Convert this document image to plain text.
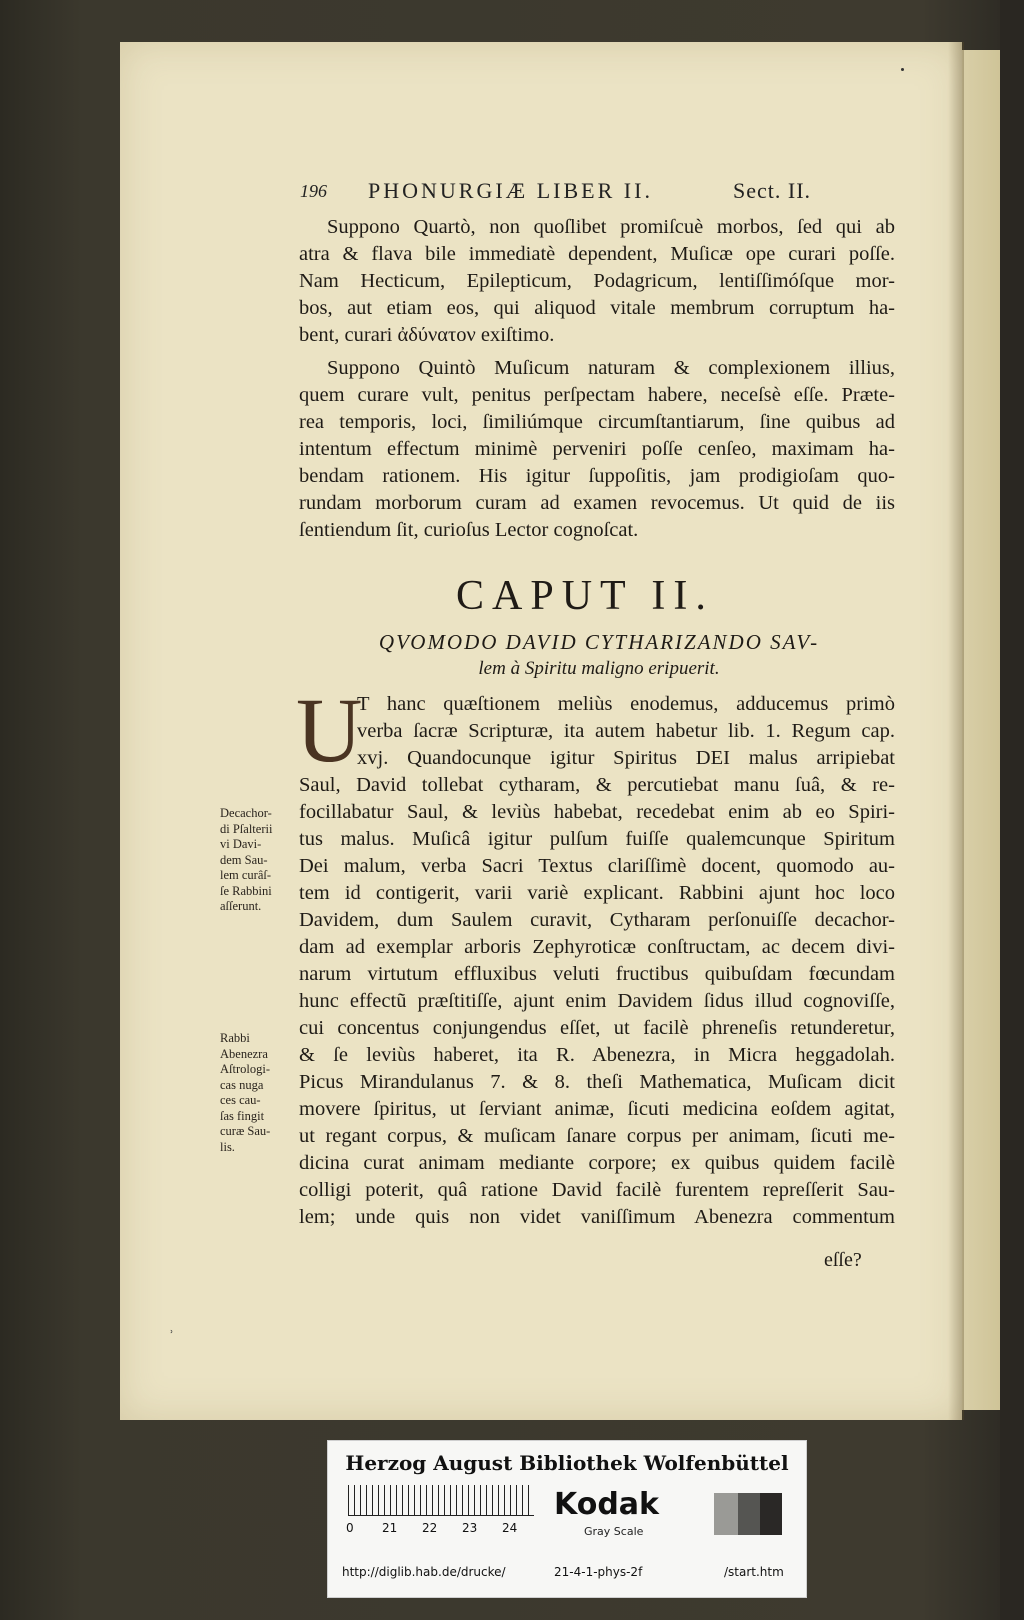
˒
196 PHONURGIÆ LIBER II.	Sect. II.
Suppono Quartò, non quoſlibet promiſcuè morbos, ſed qui ab
atra & flava bile immediatè dependent, Muſicæ ope curari poſſe.
Nam Hecticum, Epilepticum, Podagricum, lentiſſimóſque mor-
bos, aut etiam eos, qui aliquod vitale membrum corruptum ha-
bent, curari ἀδύνατον exiſtimo.
Suppono Quintò Muſicum naturam & complexionem illius,
quem curare vult, penitus perſpectam habere, neceſsè eſſe. Præte-
rea temporis, loci, ſimiliúmque circumſtantiarum, ſine quibus ad
intentum effectum minimè perveniri poſſe cenſeo, maximam ha-
bendam rationem. His igitur ſuppoſitis, jam prodigioſam quo-
rundam morborum curam ad examen revocemus. Ut quid de iis
ſentiendum ſit, curioſus Lector cognoſcat.
CAPUT II.
QVOMODO DAVID CYTHARIZANDO SAV-
lem à Spiritu maligno eripuerit.
U
T hanc quæſtionem meliùs enodemus, adducemus primò
verba ſacræ Scripturæ, ita autem habetur lib. 1. Regum cap.
xvj. Quandocunque igitur Spiritus DEI malus arripiebat
Saul, David tollebat cytharam, & percutiebat manu ſuâ, & re-
focillabatur Saul, & leviùs habebat, recedebat enim ab eo Spiri-
tus malus. Muſicâ igitur pulſum fuiſſe qualemcunque Spiritum
Dei malum, verba Sacri Textus clariſſimè docent, quomodo au-
tem id contigerit, varii variè explicant. Rabbini ajunt hoc loco
Davidem, dum Saulem curavit, Cytharam perſonuiſſe decachor-
dam ad exemplar arboris Zephyroticæ conſtructam, ac decem divi-
narum virtutum effluxibus veluti fructibus quibuſdam fœcundam
hunc effectũ præſtitiſſe, ajunt enim Davidem ſidus illud cognoviſſe,
cui concentus conjungendus eſſet, ut facilè phreneſis retunderetur,
& ſe leviùs haberet, ita R. Abenezra, in Micra heggadolah.
Picus Mirandulanus 7. & 8. theſi Mathematica, Muſicam dicit
movere ſpiritus, ut ſerviant animæ, ſicuti medicina eoſdem agitat,
ut regant corpus, & muſicam ſanare corpus per animam, ſicuti me-
dicina curat animam mediante corpore; ex quibus quidem facilè
colligi poterit, quâ ratione David facilè furentem repreſſerit Sau-
lem; unde quis non videt vaniſſimum Abenezra commentum
eſſe?
Decachor-
di Pſalterii
vi Davi-
dem Sau-
lem curâſ-
ſe Rabbini
aſſerunt.
Rabbi
Abenezra
Aſtrologi-
cas nuga
ces cau-
ſas fingit
curæ Sau-
lis.
Herzog August Bibliothek Wolfenbüttel
0 21 22 23 24
Kodak
Gray Scale
http://diglib.hab.de/drucke/	21-4-1-phys-2f	/start.htm
